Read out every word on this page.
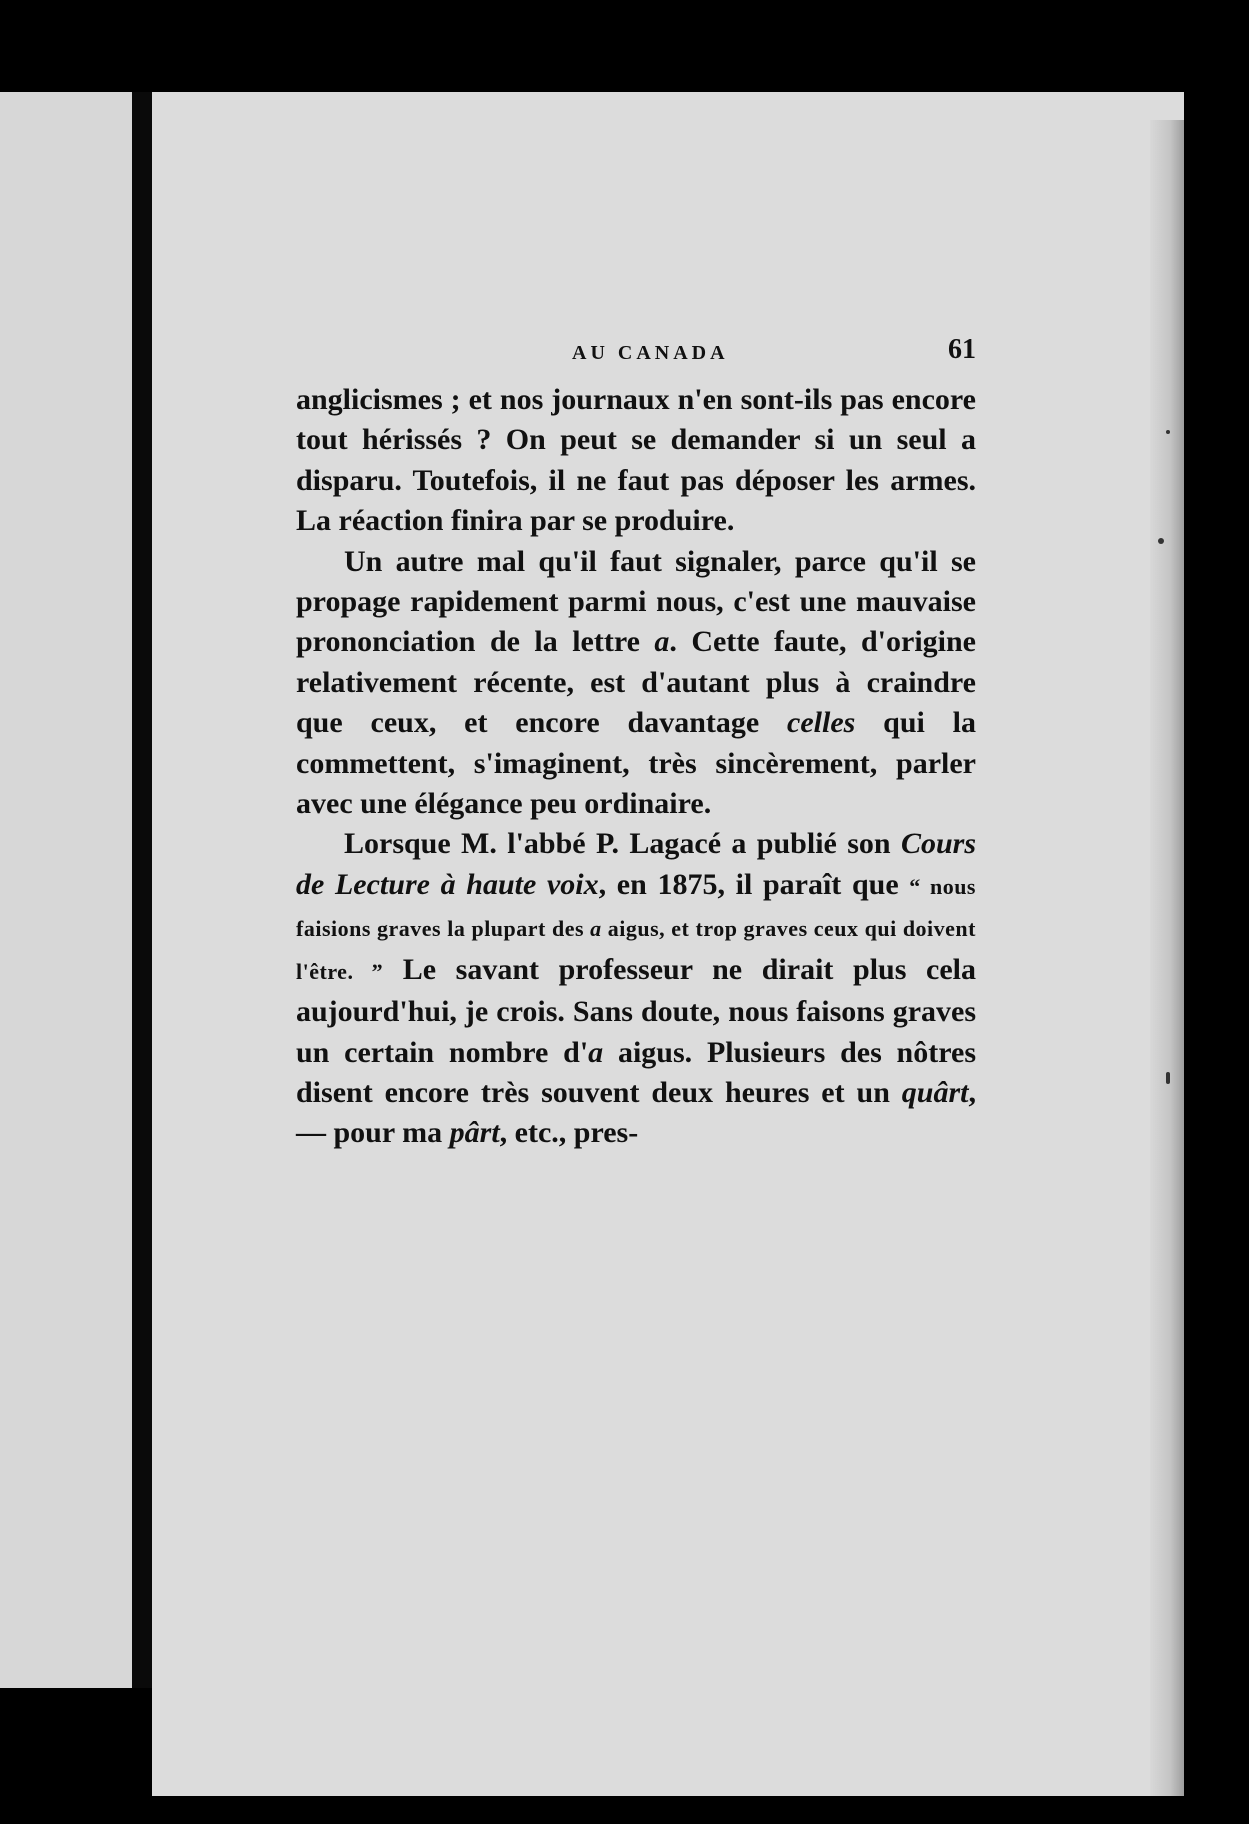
AU CANADA	61

anglicismes ; et nos journaux n'en sont-ils pas encore tout hérissés ? On peut se demander si un seul a disparu. Toutefois, il ne faut pas déposer les armes. La réaction finira par se produire.

Un autre mal qu'il faut signaler, parce qu'il se propage rapidement parmi nous, c'est une mauvaise prononciation de la lettre a. Cette faute, d'origine relativement récente, est d'autant plus à craindre que ceux, et encore davantage celles qui la commettent, s'imaginent, très sincèrement, parler avec une élégance peu ordinaire.

Lorsque M. l'abbé P. Lagacé a publié son Cours de Lecture à haute voix, en 1875, il paraît que “ nous faisions graves la plupart des a aigus, et trop graves ceux qui doivent l'être. ” Le savant professeur ne dirait plus cela aujourd'hui, je crois. Sans doute, nous faisons graves un certain nombre d'a aigus. Plusieurs des nôtres disent encore très souvent deux heures et un quârt, — pour ma pârt, etc., pres-
